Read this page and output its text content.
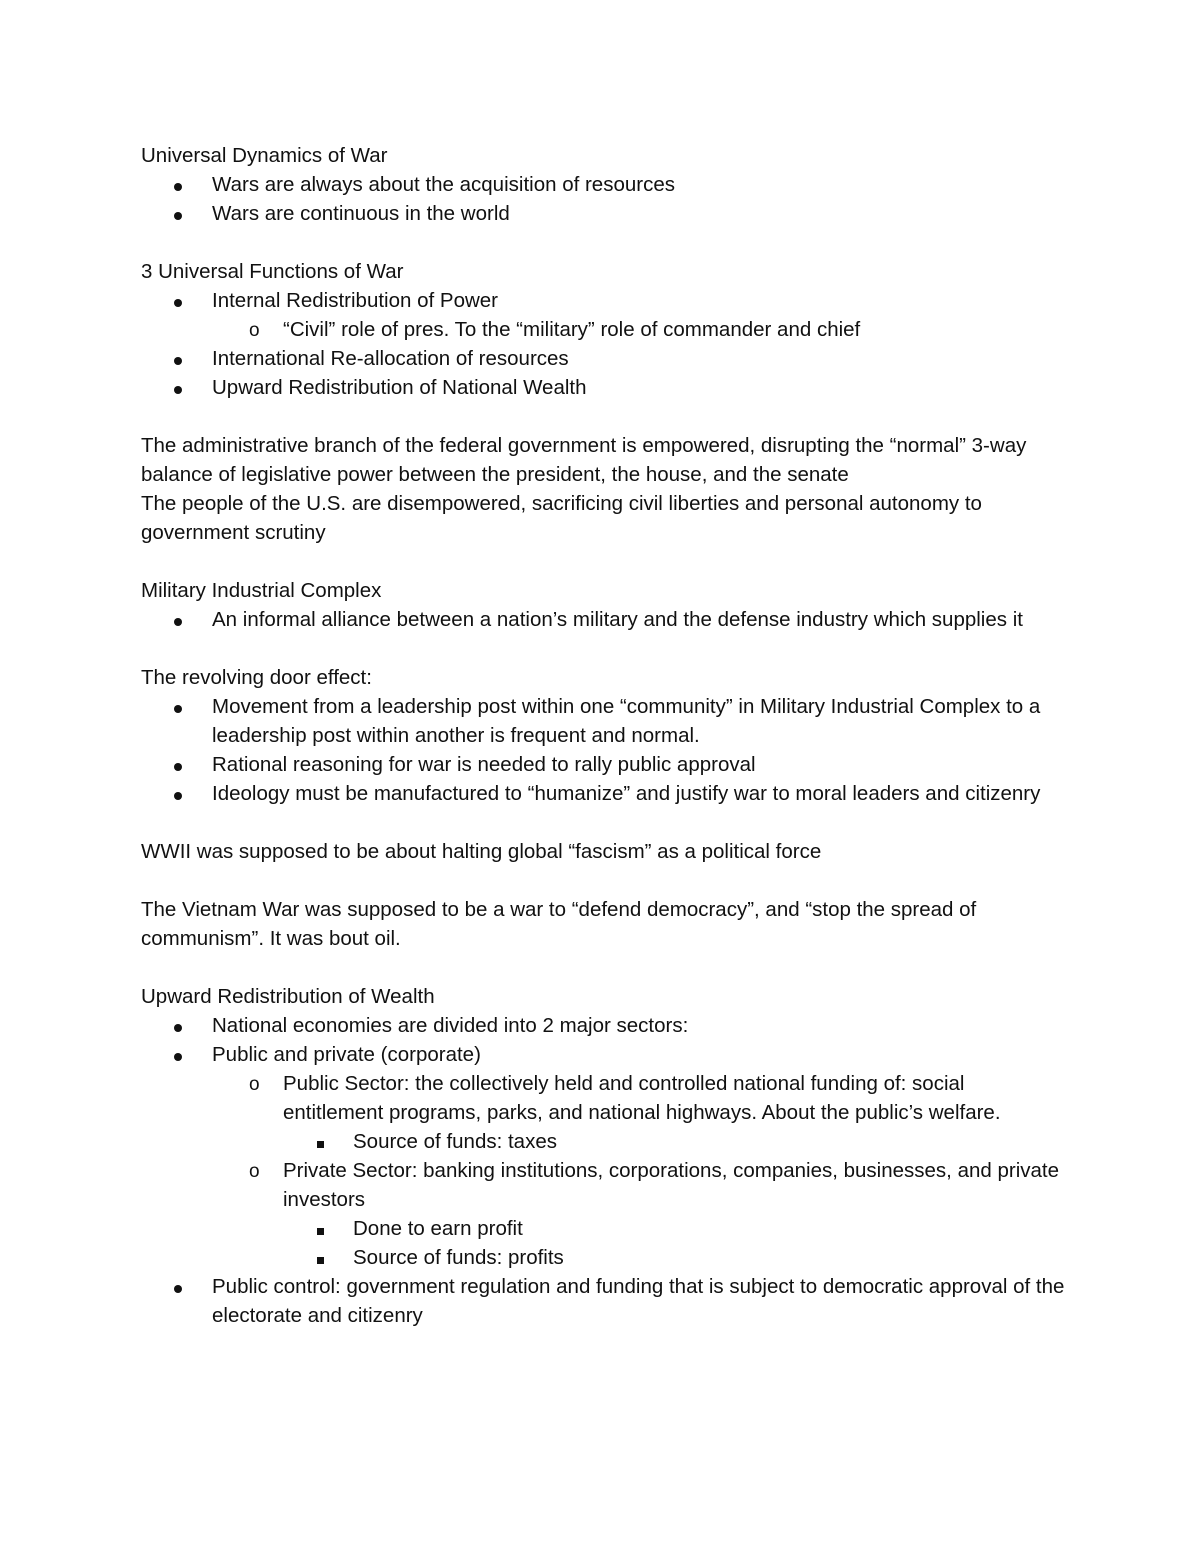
Universal Dynamics of War
Wars are always about the acquisition of resources
Wars are continuous in the world
3 Universal Functions of War
Internal Redistribution of Power
o “Civil” role of pres. To the “military” role of commander and chief
International Re-allocation of resources
Upward Redistribution of National Wealth
The administrative branch of the federal government is empowered, disrupting the “normal” 3-way balance of legislative power between the president, the house, and the senate
The people of the U.S. are disempowered, sacrificing civil liberties and personal autonomy to government scrutiny
Military Industrial Complex
An informal alliance between a nation’s military and the defense industry which supplies it
The revolving door effect:
Movement from a leadership post within one “community” in Military Industrial Complex to a leadership post within another is frequent and normal.
Rational reasoning for war is needed to rally public approval
Ideology must be manufactured to “humanize” and justify war to moral leaders and citizenry
WWII was supposed to be about halting global “fascism” as a political force
The Vietnam War was supposed to be a war to “defend democracy”, and “stop the spread of communism”. It was bout oil.
Upward Redistribution of Wealth
National economies are divided into 2 major sectors:
Public and private (corporate)
o Public Sector: the collectively held and controlled national funding of: social entitlement programs, parks, and national highways. About the public’s welfare.
Source of funds: taxes
o Private Sector: banking institutions, corporations, companies, businesses, and private investors
Done to earn profit
Source of funds: profits
Public control: government regulation and funding that is subject to democratic approval of the electorate and citizenry
